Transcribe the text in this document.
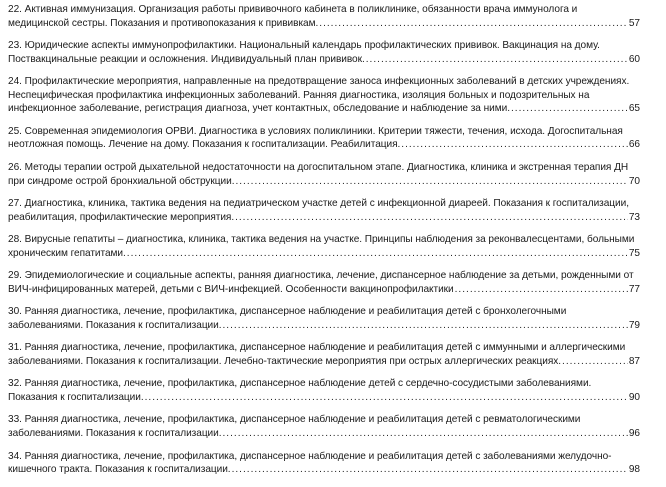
22. Активная иммунизация. Организация работы прививочного кабинета в поликлинике, обязанности врача иммунолога и
медицинской сестры. Показания и противопоказания к прививкам. .....	57
23. Юридические аспекты иммунопрофилактики. Национальный календарь профилактических прививок. Вакцинация на дому.
Поствакцинальные реакции и осложнения. Индивидуальный план прививок. .....	60
24. Профилактические мероприятия, направленные на предотвращение заноса инфекционных заболеваний в детских учреждениях.
Неспецифическая профилактика инфекционных заболеваний. Ранняя диагностика, изоляция больных и подозрительных на
инфекционное заболевание, регистрация диагноза, учет контактных, обследование и наблюдение за ними. .....	65
25. Современная эпидемиология ОРВИ. Диагностика в условиях поликлиники. Критерии тяжести, течения, исхода. Догоспитальная
неотложная помощь. Лечение на дому. Показания к госпитализации. Реабилитация. .....	66
26. Методы терапии острой дыхательной недостаточности на догоспитальном этапе. Диагностика, клиника и экстренная терапия ДН
при синдроме острой бронхиальной обструкции. .....	70
27. Диагностика, клиника, тактика ведения на педиатрическом участке детей с инфекционной диареей. Показания к госпитализации,
реабилитация, профилактические мероприятия. .....	73
28. Вирусные гепатиты – диагностика, клиника, тактика ведения на участке. Принципы наблюдения за реконвалесцентами, больными
хроническим гепатитами. .....	75
29. Эпидемиологические и социальные аспекты, ранняя диагностика, лечение, диспансерное наблюдение за детьми, рожденными от
ВИЧ-инфицированных матерей, детьми с ВИЧ-инфекцией. Особенности вакцинопрофилактики .....	77
30. Ранняя диагностика, лечение, профилактика, диспансерное наблюдение и реабилитация детей с бронхолегочными
заболеваниями. Показания к госпитализации. .....	79
31. Ранняя диагностика, лечение, профилактика, диспансерное наблюдение и реабилитация детей с иммунными и аллергическими
заболеваниями. Показания к госпитализации. Лечебно-тактические мероприятия при острых аллергических реакциях. .....	87
32. Ранняя диагностика, лечение, профилактика, диспансерное наблюдение детей с сердечно-сосудистыми заболеваниями.
Показания к госпитализации. .....	90
33. Ранняя диагностика, лечение, профилактика, диспансерное наблюдение и реабилитация детей с ревматологическими
заболеваниями. Показания к госпитализации. .....	96
34. Ранняя диагностика, лечение, профилактика, диспансерное наблюдение и реабилитация детей с заболеваниями желудочно-
кишечного тракта. Показания к госпитализации. .....	98
